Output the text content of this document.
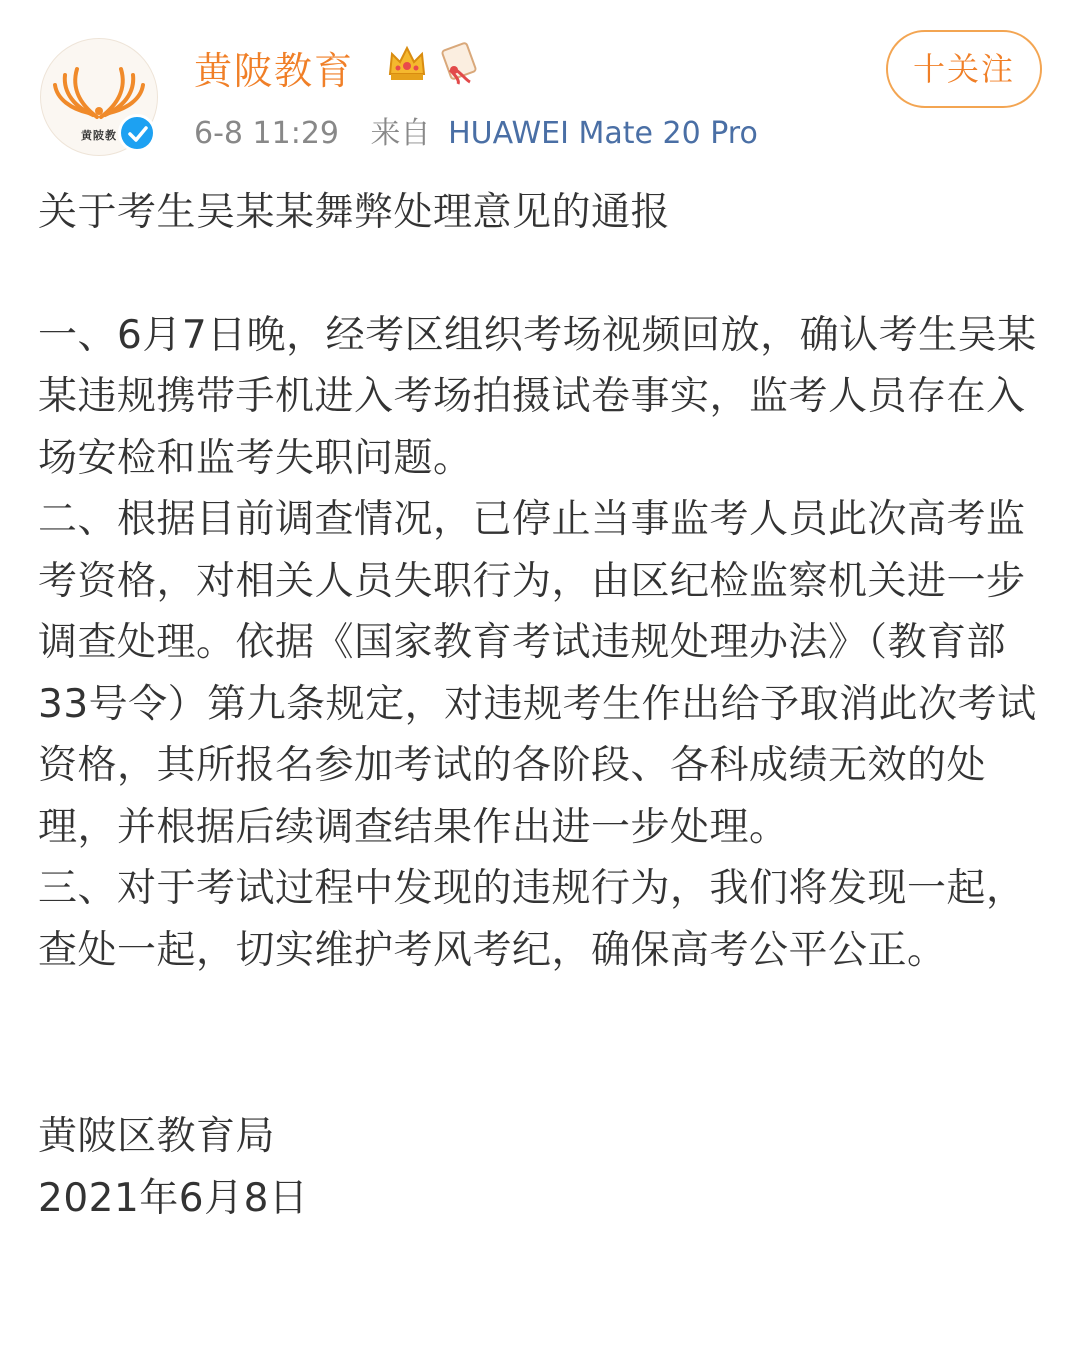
黄陂教
黄陂教育
6-8 11:29 来自 HUAWEI Mate 20 Pro
十关注

关于考生吴某某舞弊处理意见的通报

一、6月7日晚，经考区组织考场视频回放，确认考生吴某某违规携带手机进入考场拍摄试卷事实，监考人员存在入场安检和监考失职问题。

二、根据目前调查情况，已停止当事监考人员此次高考监考资格，对相关人员失职行为，由区纪检监察机关进一步调查处理。依据《国家教育考试违规处理办法》（教育部33号令）第九条规定，对违规考生作出给予取消此次考试资格，其所报名参加考试的各阶段、各科成绩无效的处理，并根据后续调查结果作出进一步处理。

三、对于考试过程中发现的违规行为，我们将发现一起，查处一起，切实维护考风考纪，确保高考公平公正。

黄陂区教育局

2021年6月8日
